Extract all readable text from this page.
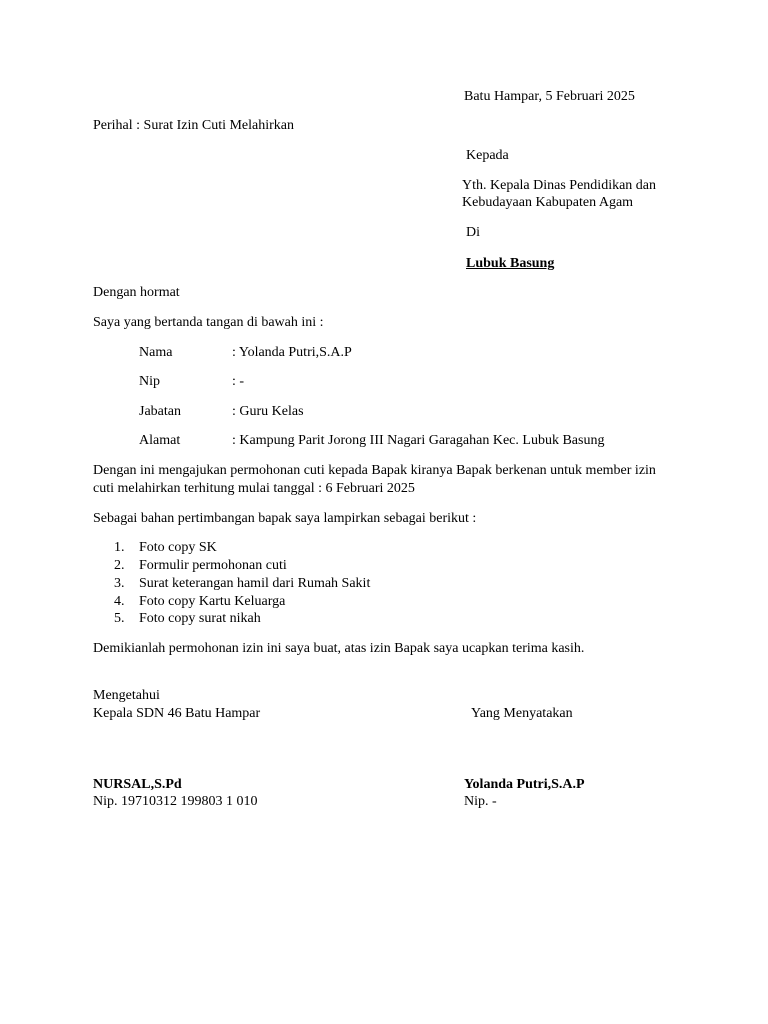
Batu Hampar, 5 Februari 2025
Perihal : Surat Izin Cuti Melahirkan
Kepada
Yth. Kepala Dinas Pendidikan dan
Kebudayaan Kabupaten Agam
Di
Lubuk Basung
Dengan hormat
Saya yang bertanda tangan di bawah ini :
Nama	: Yolanda Putri,S.A.P
Nip	: -
Jabatan	: Guru Kelas
Alamat	: Kampung Parit Jorong III Nagari Garagahan Kec. Lubuk Basung
Dengan ini mengajukan permohonan cuti kepada Bapak kiranya Bapak berkenan untuk member izin
cuti melahirkan terhitung mulai tanggal : 6 Februari 2025
Sebagai bahan pertimbangan bapak saya lampirkan sebagai berikut :
1. Foto copy SK
2. Formulir permohonan cuti
3. Surat keterangan hamil dari Rumah Sakit
4. Foto copy Kartu Keluarga
5. Foto copy surat nikah
Demikianlah permohonan izin ini saya buat, atas izin Bapak saya ucapkan terima kasih.
Mengetahui
Kepala SDN 46 Batu Hampar
NURSAL,S.Pd
Nip. 19710312 199803 1 010
Yang Menyatakan
Yolanda Putri,S.A.P
Nip. -
